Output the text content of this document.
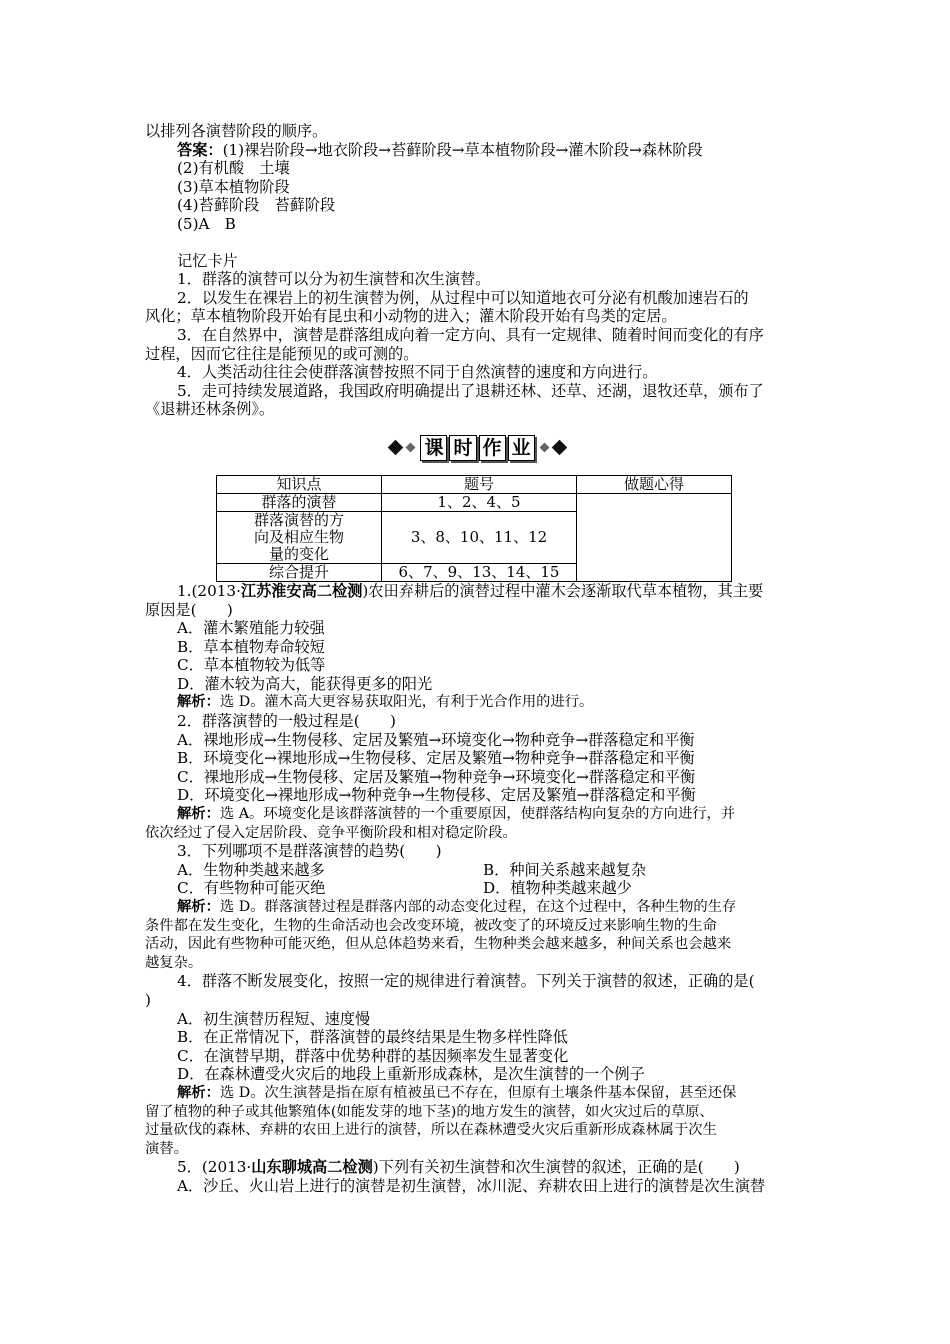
以排列各演替阶段的顺序。
答案：(1)裸岩阶段→地衣阶段→苔藓阶段→草本植物阶段→灌木阶段→森林阶段
(2)有机酸　土壤
(3)草本植物阶段
(4)苔藓阶段　苔藓阶段
(5)A　B
记忆卡片
1．群落的演替可以分为初生演替和次生演替。
2．以发生在裸岩上的初生演替为例，从过程中可以知道地衣可分泌有机酸加速岩石的
风化；草本植物阶段开始有昆虫和小动物的进入；灌木阶段开始有鸟类的定居。
3．在自然界中，演替是群落组成向着一定方向、具有一定规律、随着时间而变化的有序
过程，因而它往往是能预见的或可测的。
4．人类活动往往会使群落演替按照不同于自然演替的速度和方向进行。
5．走可持续发展道路，我国政府明确提出了退耕还林、还草、还湖，退牧还草，颁布了
《退耕还林条例》。
课 时 作 业
知识点	题号	做题心得
群落的演替	1、2、4、5	

群落演替的方
向及相应生物
量的变化	3、8、10、11、12	
综合提升	6、7、9、13、14、15	
1.(2013·江苏淮安高二检测)农田弃耕后的演替过程中灌木会逐渐取代草本植物，其主要
原因是(　　)
A．灌木繁殖能力较强
B．草本植物寿命较短
C．草本植物较为低等
D．灌木较为高大，能获得更多的阳光
解析：选 D。灌木高大更容易获取阳光，有利于光合作用的进行。
2．群落演替的一般过程是(　　)
A．裸地形成→生物侵移、定居及繁殖→环境变化→物种竞争→群落稳定和平衡
B．环境变化→裸地形成→生物侵移、定居及繁殖→物种竞争→群落稳定和平衡
C．裸地形成→生物侵移、定居及繁殖→物种竞争→环境变化→群落稳定和平衡
D．环境变化→裸地形成→物种竞争→生物侵移、定居及繁殖→群落稳定和平衡
解析：选 A。环境变化是该群落演替的一个重要原因，使群落结构向复杂的方向进行，并
依次经过了侵入定居阶段、竞争平衡阶段和相对稳定阶段。
3．下列哪项不是群落演替的趋势(　　)
A．生物种类越来越多	B．种间关系越来越复杂
C．有些物种可能灭绝	D．植物种类越来越少
解析：选 D。群落演替过程是群落内部的动态变化过程，在这个过程中，各种生物的生存
条件都在发生变化，生物的生命活动也会改变环境，被改变了的环境反过来影响生物的生命
活动，因此有些物种可能灭绝，但从总体趋势来看，生物种类会越来越多，种间关系也会越来
越复杂。
4．群落不断发展变化，按照一定的规律进行着演替。下列关于演替的叙述，正确的是(
)
A．初生演替历程短、速度慢
B．在正常情况下，群落演替的最终结果是生物多样性降低
C．在演替早期，群落中优势种群的基因频率发生显著变化
D．在森林遭受火灾后的地段上重新形成森林，是次生演替的一个例子
解析：选 D。次生演替是指在原有植被虽已不存在，但原有土壤条件基本保留，甚至还保
留了植物的种子或其他繁殖体(如能发芽的地下茎)的地方发生的演替，如火灾过后的草原、
过量砍伐的森林、弃耕的农田上进行的演替，所以在森林遭受火灾后重新形成森林属于次生
演替。
5．(2013·山东聊城高二检测)下列有关初生演替和次生演替的叙述，正确的是(　　)
A．沙丘、火山岩上进行的演替是初生演替，冰川泥、弃耕农田上进行的演替是次生演替
